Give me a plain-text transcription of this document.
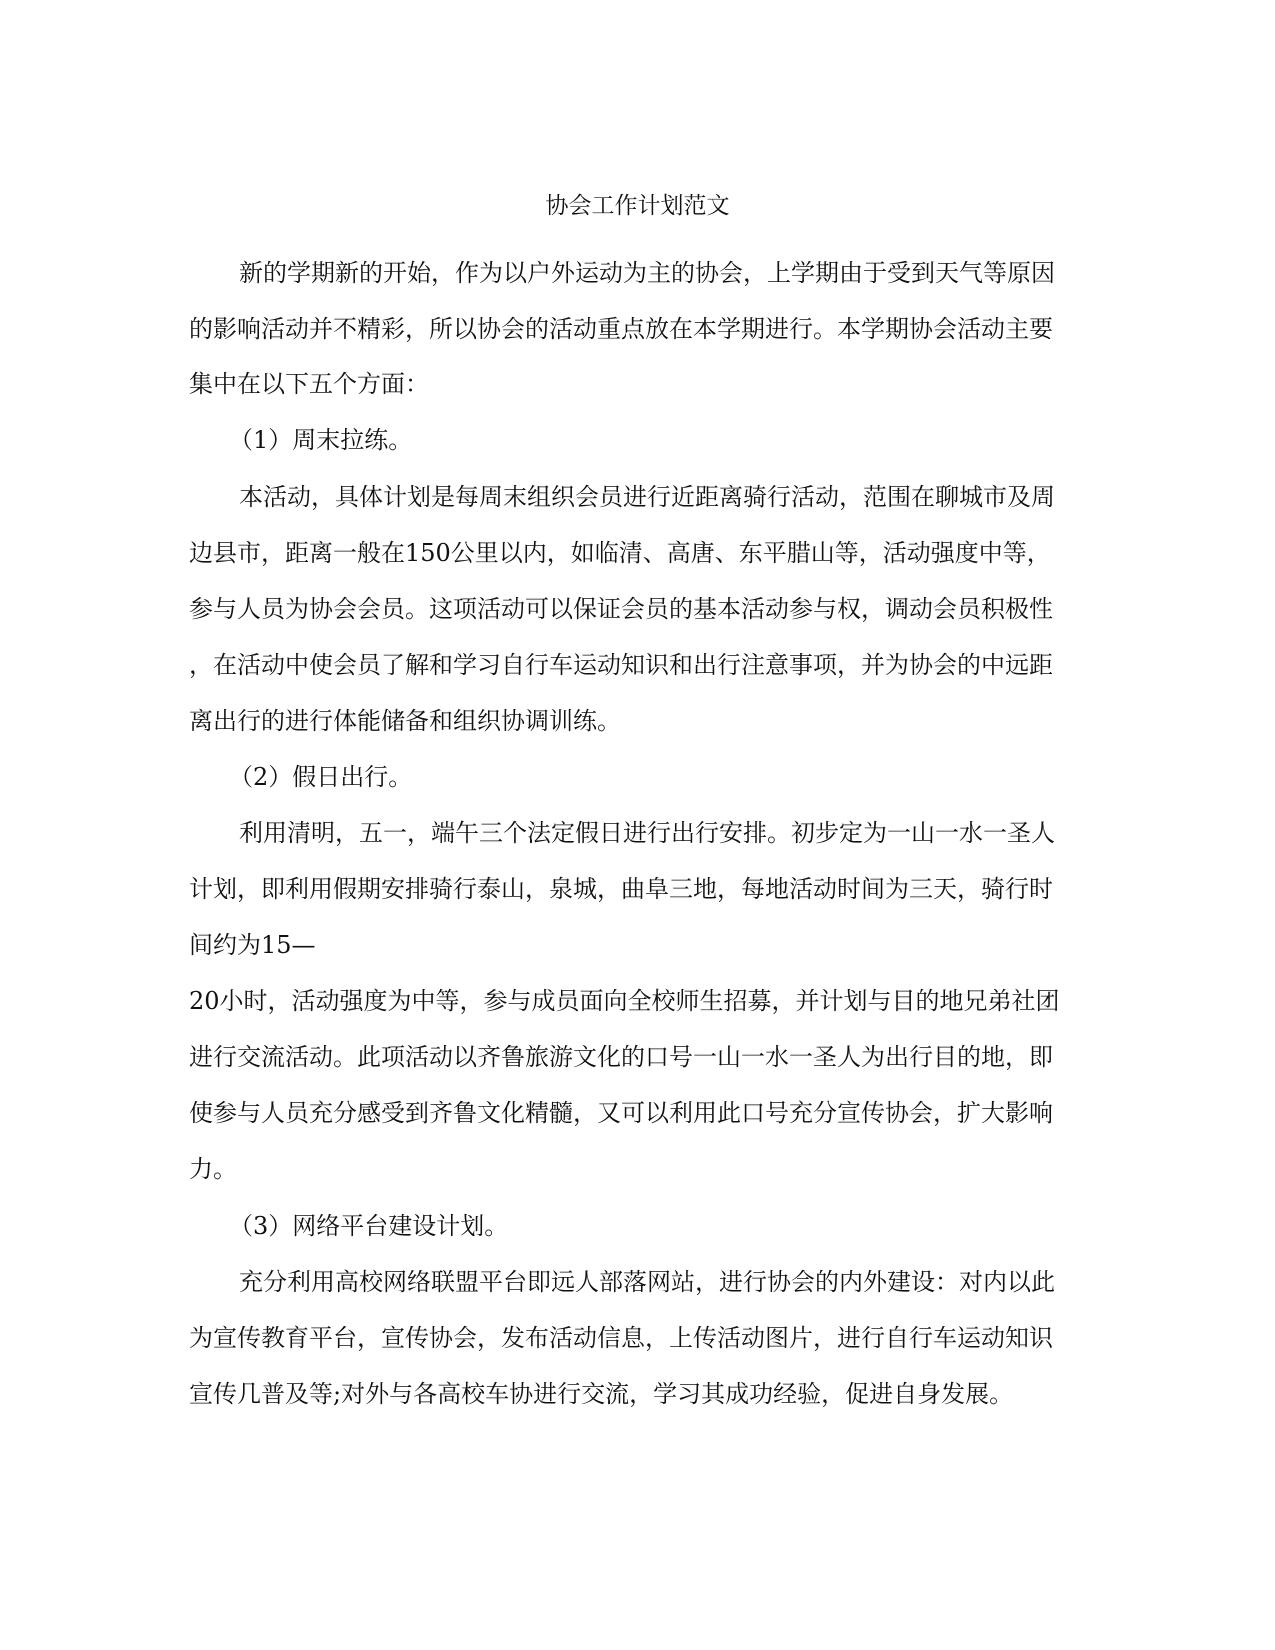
协会工作计划范文
新的学期新的开始，作为以户外运动为主的协会，上学期由于受到天气等原因
的影响活动并不精彩，所以协会的活动重点放在本学期进行。本学期协会活动主要
集中在以下五个方面：
（1）周末拉练。
本活动，具体计划是每周末组织会员进行近距离骑行活动，范围在聊城市及周
边县市，距离一般在150公里以内，如临清、高唐、东平腊山等，活动强度中等，
参与人员为协会会员。这项活动可以保证会员的基本活动参与权，调动会员积极性
，在活动中使会员了解和学习自行车运动知识和出行注意事项，并为协会的中远距
离出行的进行体能储备和组织协调训练。
（2）假日出行。
利用清明，五一，端午三个法定假日进行出行安排。初步定为一山一水一圣人
计划，即利用假期安排骑行泰山，泉城，曲阜三地，每地活动时间为三天，骑行时
间约为15—
20小时，活动强度为中等，参与成员面向全校师生招募，并计划与目的地兄弟社团
进行交流活动。此项活动以齐鲁旅游文化的口号一山一水一圣人为出行目的地，即
使参与人员充分感受到齐鲁文化精髓，又可以利用此口号充分宣传协会，扩大影响
力。
（3）网络平台建设计划。
充分利用高校网络联盟平台即远人部落网站，进行协会的内外建设：对内以此
为宣传教育平台，宣传协会，发布活动信息，上传活动图片，进行自行车运动知识
宣传几普及等;对外与各高校车协进行交流，学习其成功经验，促进自身发展。
